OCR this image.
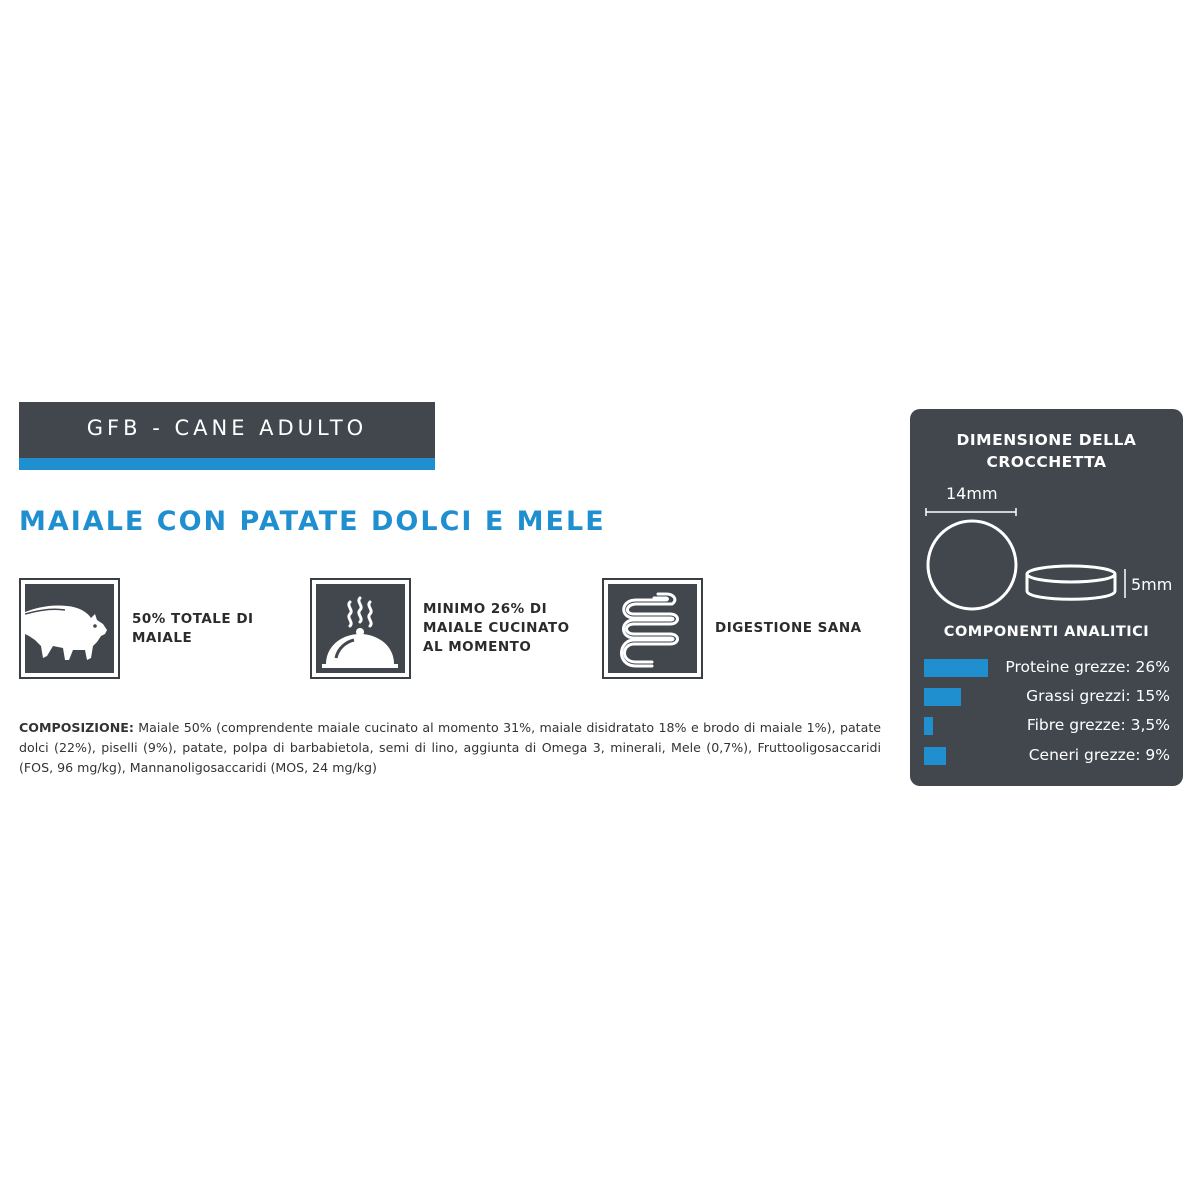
GFB - CANE ADULTO
MAIALE CON PATATE DOLCI E MELE
50% TOTALE DI MAIALE
MINIMO 26% DI MAIALE CUCINATO AL MOMENTO
DIGESTIONE SANA

COMPOSIZIONE: Maiale 50% (comprendente maiale cucinato al momento 31%, maiale disidratato 18% e brodo di maiale 1%), patate dolci (22%), piselli (9%), patate, polpa di barbabietola, semi di lino, aggiunta di Omega 3, minerali, Mele (0,7%), Fruttooligosaccaridi (FOS, 96 mg/kg), Mannanoligosaccaridi (MOS, 24 mg/kg)

DIMENSIONE DELLA CROCCHETTA
14mm
5mm
COMPONENTI ANALITICI
Proteine grezze: 26%
Grassi grezzi: 15%
Fibre grezze: 3,5%
Ceneri grezze: 9%
